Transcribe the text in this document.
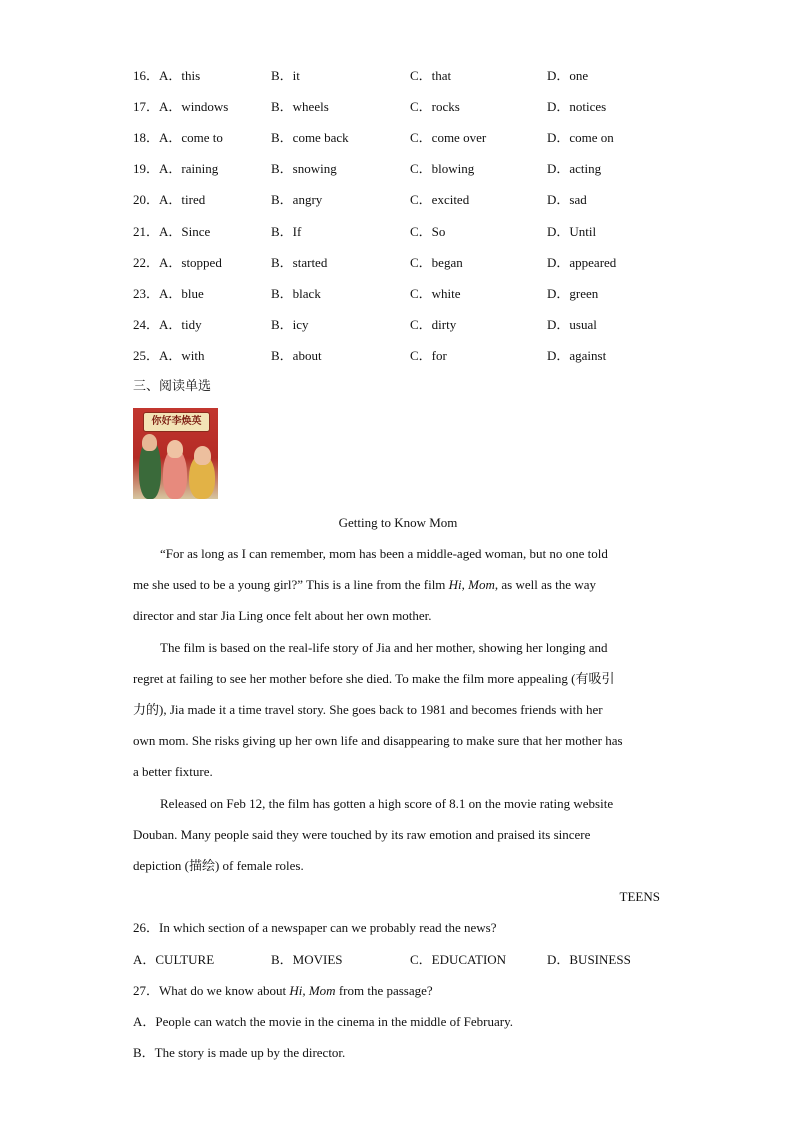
16．A．this	B．it	C．that	D．one
17．A．windows	B．wheels	C．rocks	D．notices
18．A．come to	B．come back	C．come over	D．come on
19．A．raining	B．snowing	C．blowing	D．acting
20．A．tired	B．angry	C．excited	D．sad
21．A．Since	B．If	C．So	D．Until
22．A．stopped	B．started	C．began	D．appeared
23．A．blue	B．black	C．white	D．green
24．A．tidy	B．icy	C．dirty	D．usual
25．A．with	B．about	C．for	D．against
三、阅读单选
你好李焕英
Getting to Know Mom
“For as long as I can remember, mom has been a middle-aged woman, but no one told
me she used to be a young girl?” This is a line from the film Hi, Mom, as well as the way
director and star Jia Ling once felt about her own mother.
The film is based on the real-life story of Jia and her mother, showing her longing and
regret at failing to see her mother before she died. To make the film more appealing (有吸引
力的), Jia made it a time travel story. She goes back to 1981 and becomes friends with her
own mom. She risks giving up her own life and disappearing to make sure that her mother has
a better fixture.
Released on Feb 12, the film has gotten a high score of 8.1 on the movie rating website
Douban. Many people said they were touched by its raw emotion and praised its sincere
depiction (描绘) of female roles.
TEENS
26．In which section of a newspaper can we probably read the news?
A．CULTURE	B．MOVIES	C．EDUCATION	D．BUSINESS
27．What do we know about Hi, Mom from the passage?
A．People can watch the movie in the cinema in the middle of February.
B．The story is made up by the director.
